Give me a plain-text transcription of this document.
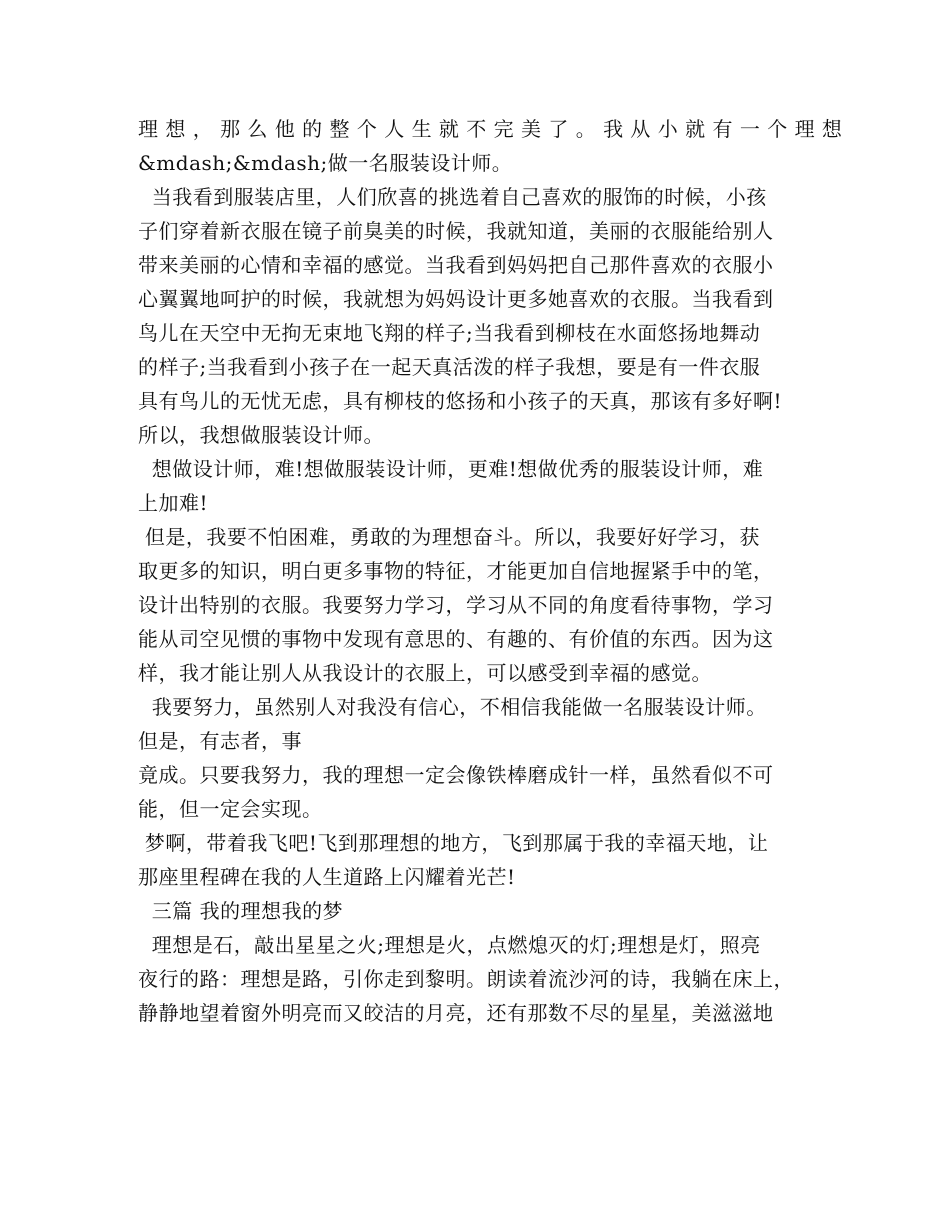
理 想 ， 那 么 他 的 整 个 人 生 就 不 完 美 了 。 我 从 小 就 有 一 个 理 想
&mdash;&mdash;做一名服装设计师。
当我看到服装店里，人们欣喜的挑选着自己喜欢的服饰的时候，小孩
子们穿着新衣服在镜子前臭美的时候，我就知道，美丽的衣服能给别人
带来美丽的心情和幸福的感觉。当我看到妈妈把自己那件喜欢的衣服小
心翼翼地呵护的时候，我就想为妈妈设计更多她喜欢的衣服。当我看到
鸟儿在天空中无拘无束地飞翔的样子;当我看到柳枝在水面悠扬地舞动
的样子;当我看到小孩子在一起天真活泼的样子我想，要是有一件衣服
具有鸟儿的无忧无虑，具有柳枝的悠扬和小孩子的天真，那该有多好啊!
所以，我想做服装设计师。
想做设计师，难!想做服装设计师，更难!想做优秀的服装设计师，难
上加难!
但是，我要不怕困难，勇敢的为理想奋斗。所以，我要好好学习，获
取更多的知识，明白更多事物的特征，才能更加自信地握紧手中的笔，
设计出特别的衣服。我要努力学习，学习从不同的角度看待事物，学习
能从司空见惯的事物中发现有意思的、有趣的、有价值的东西。因为这
样，我才能让别人从我设计的衣服上，可以感受到幸福的感觉。
我要努力，虽然别人对我没有信心，不相信我能做一名服装设计师。
但是，有志者，事
竟成。只要我努力，我的理想一定会像铁棒磨成针一样，虽然看似不可
能，但一定会实现。
梦啊，带着我飞吧!飞到那理想的地方，飞到那属于我的幸福天地，让
那座里程碑在我的人生道路上闪耀着光芒!
三篇 我的理想我的梦
理想是石，敲出星星之火;理想是火，点燃熄灭的灯;理想是灯，照亮
夜行的路：理想是路，引你走到黎明。朗读着流沙河的诗，我躺在床上，
静静地望着窗外明亮而又皎洁的月亮，还有那数不尽的星星，美滋滋地
